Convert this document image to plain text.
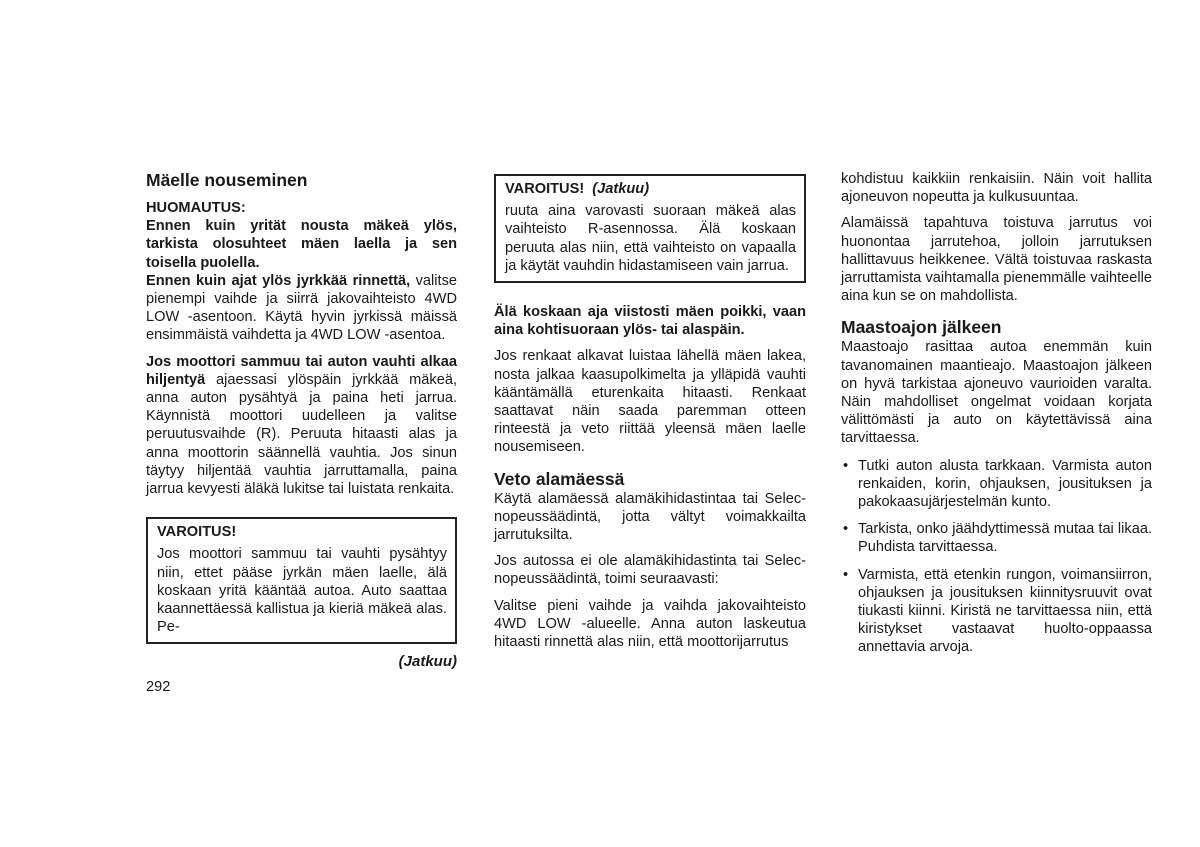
Mäelle nouseminen

HUOMAUTUS:

Ennen kuin yrität nousta mäkeä ylös, tarkista olosuhteet mäen laella ja sen toisella puolella.

Ennen kuin ajat ylös jyrkkää rinnettä, valitse pienempi vaihde ja siirrä jakovaihteisto 4WD LOW -asentoon. Käytä hyvin jyrkissä mäissä ensimmäistä vaihdetta ja 4WD LOW -asentoa.

Jos moottori sammuu tai auton vauhti alkaa hiljentyä ajaessasi ylöspäin jyrkkää mäkeä, anna auton pysähtyä ja paina heti jarrua. Käynnistä moottori uudelleen ja valitse peruutusvaihde (R). Peruuta hitaasti alas ja anna moottorin säännellä vauhtia. Jos sinun täytyy hiljentää vauhtia jarruttamalla, paina jarrua kevyesti äläkä lukitse tai luistata renkaita.

VAROITUS!

Jos moottori sammuu tai vauhti pysähtyy niin, ettet pääse jyrkän mäen laelle, älä koskaan yritä kääntää autoa. Auto saattaa kaannettäessä kallistua ja kieriä mäkeä alas. Pe-

(Jatkuu)
292
VAROITUS! (Jatkuu)

ruuta aina varovasti suoraan mäkeä alas vaihteisto R-asennossa. Älä koskaan peruuta alas niin, että vaihteisto on vapaalla ja käytät vauhdin hidastamiseen vain jarrua.

Älä koskaan aja viistosti mäen poikki, vaan aina kohtisuoraan ylös- tai alaspäin.

Jos renkaat alkavat luistaa lähellä mäen lakea, nosta jalkaa kaasupolkimelta ja ylläpidä vauhti kääntämällä eturenkaita hitaasti. Renkaat saattavat näin saada paremman otteen rinteestä ja veto riittää yleensä mäen laelle nousemiseen.

Veto alamäessä

Käytä alamäessä alamäkihidastintaa tai Selec-nopeussäädintä, jotta vältyt voimakkailta jarrutuksilta.

Jos autossa ei ole alamäkihidastinta tai Selec-nopeussäädintä, toimi seuraavasti:

Valitse pieni vaihde ja vaihda jakovaihteisto 4WD LOW -alueelle. Anna auton laskeutua hitaasti rinnettä alas niin, että moottorijarrutus

kohdistuu kaikkiin renkaisiin. Näin voit hallita ajoneuvon nopeutta ja kulkusuuntaa.

Alamäissä tapahtuva toistuva jarrutus voi huonontaa jarrutehoa, jolloin jarrutuksen hallittavuus heikkenee. Vältä toistuvaa raskasta jarruttamista vaihtamalla pienemmälle vaihteelle aina kun se on mahdollista.

Maastoajon jälkeen

Maastoajo rasittaa autoa enemmän kuin tavanomainen maantieajo. Maastoajon jälkeen on hyvä tarkistaa ajoneuvo vaurioiden varalta. Näin mahdolliset ongelmat voidaan korjata välittömästi ja auto on käytettävissä aina tarvittaessa.

• Tutki auton alusta tarkkaan. Varmista auton renkaiden, korin, ohjauksen, jousituksen ja pakokaasujärjestelmän kunto.
• Tarkista, onko jäähdyttimessä mutaa tai likaa. Puhdista tarvittaessa.
• Varmista, että etenkin rungon, voimansiirron, ohjauksen ja jousituksen kiinnitysruuvit ovat tiukasti kiinni. Kiristä ne tarvittaessa niin, että kiristykset vastaavat huolto-oppaassa annettavia arvoja.
